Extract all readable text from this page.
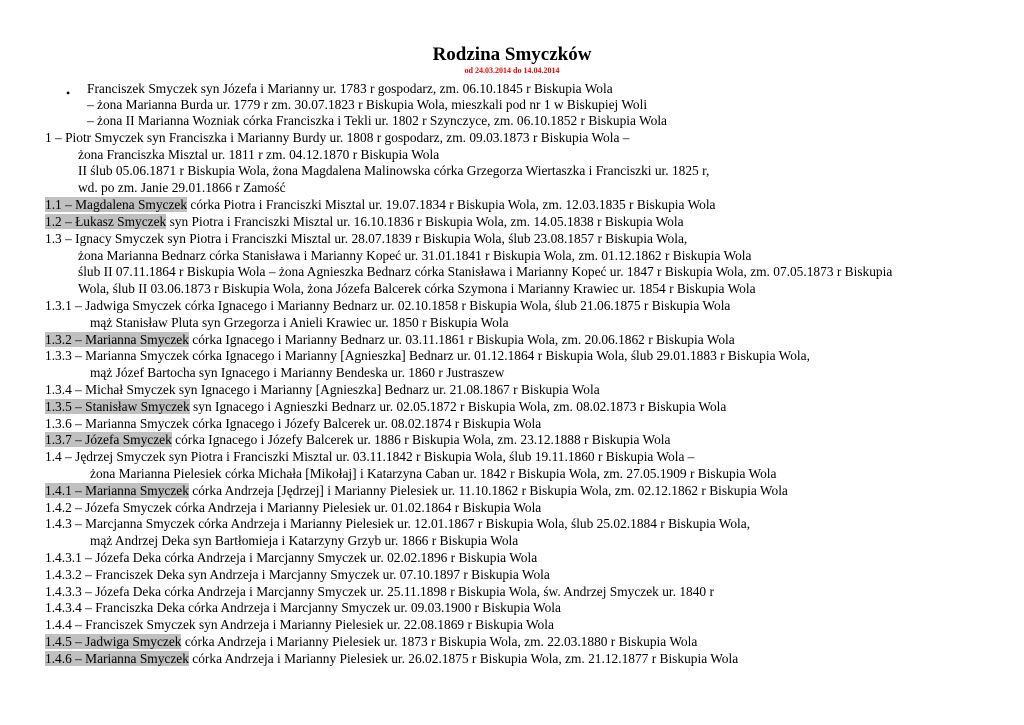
Rodzina Smyczków
od 24.03.2014 do 14.04.2014
• Franciszek Smyczek syn Józefa i Marianny ur. 1783 r gospodarz, zm. 06.10.1845 r Biskupia Wola
– żona Marianna Burda ur. 1779 r zm. 30.07.1823 r Biskupia Wola, mieszkali pod nr 1 w Biskupiej Woli
– żona II Marianna Wozniak córka Franciszka i Tekli ur. 1802 r Szynczyce, zm. 06.10.1852 r Biskupia Wola
1 – Piotr Smyczek syn Franciszka i Marianny Burdy ur. 1808 r gospodarz, zm. 09.03.1873 r Biskupia Wola –
żona Franciszka Misztal ur. 1811 r zm. 04.12.1870 r Biskupia Wola
II ślub 05.06.1871 r Biskupia Wola, żona Magdalena Malinowska córka Grzegorza Wiertaszka i Franciszki ur. 1825 r,
wd. po zm. Janie 29.01.1866 r Zamość
1.1 – Magdalena Smyczek córka Piotra i Franciszki Misztal ur. 19.07.1834 r Biskupia Wola, zm. 12.03.1835 r Biskupia Wola
1.2 – Łukasz Smyczek syn Piotra i Franciszki Misztal ur. 16.10.1836 r Biskupia Wola, zm. 14.05.1838 r Biskupia Wola
1.3 – Ignacy Smyczek syn Piotra i Franciszki Misztal ur. 28.07.1839 r Biskupia Wola, ślub 23.08.1857 r Biskupia Wola,
żona Marianna Bednarz córka Stanisława i Marianny Kopeć ur. 31.01.1841 r Biskupia Wola, zm. 01.12.1862 r Biskupia Wola
ślub II 07.11.1864 r Biskupia Wola – żona Agnieszka Bednarz córka Stanisława i Marianny Kopeć ur. 1847 r Biskupia Wola, zm. 07.05.1873 r Biskupia
Wola, ślub II 03.06.1873 r Biskupia Wola, żona Józefa Balcerek córka Szymona i Marianny Krawiec ur. 1854 r Biskupia Wola
1.3.1 – Jadwiga Smyczek córka Ignacego i Marianny Bednarz ur. 02.10.1858 r Biskupia Wola, ślub 21.06.1875 r Biskupia Wola
mąż Stanisław Pluta syn Grzegorza i Anieli Krawiec ur. 1850 r Biskupia Wola
1.3.2 – Marianna Smyczek córka Ignacego i Marianny Bednarz ur. 03.11.1861 r Biskupia Wola, zm. 20.06.1862 r Biskupia Wola
1.3.3 – Marianna Smyczek córka Ignacego i Marianny [Agnieszka] Bednarz ur. 01.12.1864 r Biskupia Wola, ślub 29.01.1883 r Biskupia Wola,
mąż Józef Bartocha syn Ignacego i Marianny Bendeska ur. 1860 r Justraszew
1.3.4 – Michał Smyczek syn Ignacego i Marianny [Agnieszka] Bednarz ur. 21.08.1867 r Biskupia Wola
1.3.5 – Stanisław Smyczek syn Ignacego i Agnieszki Bednarz ur. 02.05.1872 r Biskupia Wola, zm. 08.02.1873 r Biskupia Wola
1.3.6 – Marianna Smyczek córka Ignacego i Józefy Balcerek ur. 08.02.1874 r Biskupia Wola
1.3.7 – Józefa Smyczek córka Ignacego i Józefy Balcerek ur. 1886 r Biskupia Wola, zm. 23.12.1888 r Biskupia Wola
1.4 – Jędrzej Smyczek syn Piotra i Franciszki Misztal ur. 03.11.1842 r Biskupia Wola, ślub 19.11.1860 r Biskupia Wola –
żona Marianna Pielesiek córka Michała [Mikołaj] i Katarzyna Caban ur. 1842 r Biskupia Wola, zm. 27.05.1909 r Biskupia Wola
1.4.1 – Marianna Smyczek córka Andrzeja [Jędrzej] i Marianny Pielesiek ur. 11.10.1862 r Biskupia Wola, zm. 02.12.1862 r Biskupia Wola
1.4.2 – Józefa Smyczek córka Andrzeja i Marianny Pielesiek ur. 01.02.1864 r Biskupia Wola
1.4.3 – Marcjanna Smyczek córka Andrzeja i Marianny Pielesiek ur. 12.01.1867 r Biskupia Wola, ślub 25.02.1884 r Biskupia Wola,
mąż Andrzej Deka syn Bartłomieja i Katarzyny Grzyb ur. 1866 r Biskupia Wola
1.4.3.1 – Józefa Deka córka Andrzeja i Marcjanny Smyczek ur. 02.02.1896 r Biskupia Wola
1.4.3.2 – Franciszek Deka syn Andrzeja i Marcjanny Smyczek ur. 07.10.1897 r Biskupia Wola
1.4.3.3 – Józefa Deka córka Andrzeja i Marcjanny Smyczek ur. 25.11.1898 r Biskupia Wola, św. Andrzej Smyczek ur. 1840 r
1.4.3.4 – Franciszka Deka córka Andrzeja i Marcjanny Smyczek ur. 09.03.1900 r Biskupia Wola
1.4.4 – Franciszek Smyczek syn Andrzeja i Marianny Pielesiek ur. 22.08.1869 r Biskupia Wola
1.4.5 – Jadwiga Smyczek córka Andrzeja i Marianny Pielesiek ur. 1873 r Biskupia Wola, zm. 22.03.1880 r Biskupia Wola
1.4.6 – Marianna Smyczek córka Andrzeja i Marianny Pielesiek ur. 26.02.1875 r Biskupia Wola, zm. 21.12.1877 r Biskupia Wola
